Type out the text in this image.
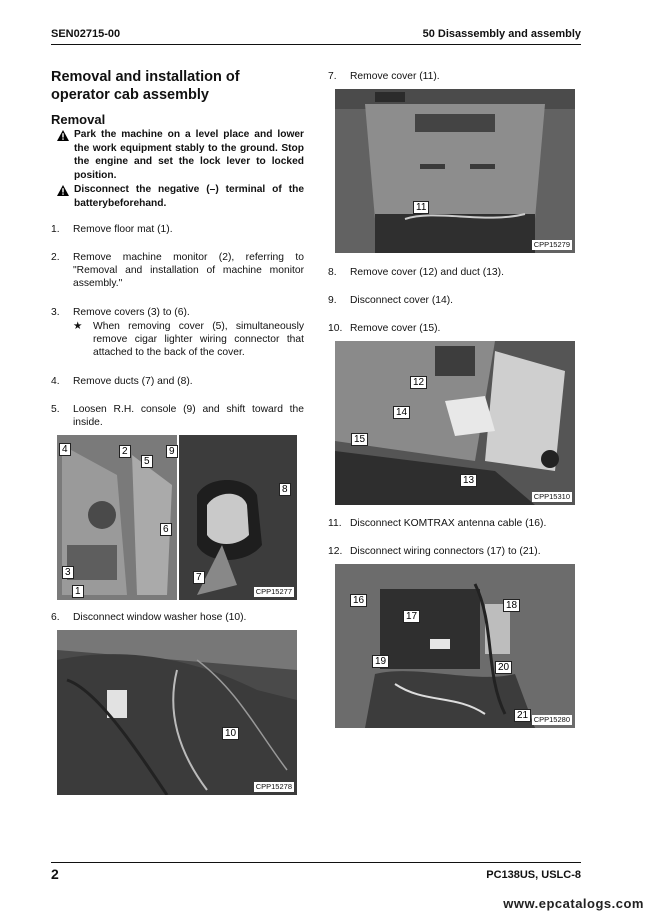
SEN02715-00	50 Disassembly and assembly
Removal and installation of
operator cab assembly
Removal
Park the machine on a level place and lower the work equipment stably to the ground. Stop the engine and set the lock lever to locked position.
Disconnect the negative (–) terminal of the batterybeforehand.
1.	Remove floor mat (1).
2.	Remove machine monitor (2), referring to "Removal and installation of machine monitor assembly."
3.	Remove covers (3) to (6).
★	When removing cover (5), simultaneously remove cigar lighter wiring connector that attached to the back of the cover.
4.	Remove ducts (7) and (8).
5.	Loosen R.H. console (9) and shift toward the inside.
4	2
5
9
6
3
1
8
7
CPP15277
6.	Disconnect window washer hose (10).
10
CPP15278
7.	Remove cover (11).
11
CPP15279
8.	Remove cover (12) and duct (13).
9.	Disconnect cover (14).
10. Remove cover (15).
12
14
15
13
CPP15310
11. Disconnect KOMTRAX antenna cable (16).
12. Disconnect wiring connectors (17) to (21).
16
17
18
19
20
21 CPP15280
2	PC138US, USLC-8
www.epcatalogs.com
